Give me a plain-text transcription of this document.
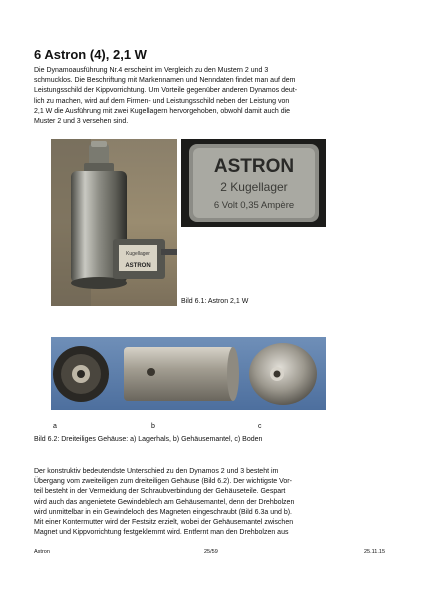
6 Astron (4), 2,1 W
Die Dynamoausführung Nr.4 erscheint im Vergleich zu den Mustern 2 und 3
schmucklos. Die Beschriftung mit Markennamen und Nenndaten findet man auf dem
Leistungsschild der Kippvorrichtung. Um Vorteile gegenüber anderen Dynamos deut-
lich zu machen, wird auf dem Firmen- und Leistungsschild neben der Leistung von
2,1 W die Ausführung mit zwei Kugellagern hervorgehoben, obwohl damit auch die
Muster 2 und 3 versehen sind.
Kugellager
ASTRON
ASTRON
2 Kugellager
6 Volt 0,35 Ampère
Bild 6.1: Astron 2,1 W
a	b	c
Bild 6.2: Dreiteiliges Gehäuse: a) Lagerhals, b) Gehäusemantel, c) Boden
Der konstruktiv bedeutendste Unterschied zu den Dynamos 2 und 3 besteht im
Übergang vom zweiteiligen zum dreiteiligen Gehäuse (Bild 6.2). Der wichtigste Vor-
teil besteht in der Vermeidung der Schraubverbindung der Gehäuseteile. Gespart
wird auch das angenietete Gewindeblech am Gehäusemantel, denn der Drehbolzen
wird unmittelbar in ein Gewindeloch des Magneten eingeschraubt (Bild 6.3a und b).
Mit einer Kontermutter wird der Festsitz erzielt, wobei der Gehäusemantel zwischen
Magnet und Kippvorrichtung festgeklemmt wird. Entfernt man den Drehbolzen aus
Astron	25/59	25.11.15
